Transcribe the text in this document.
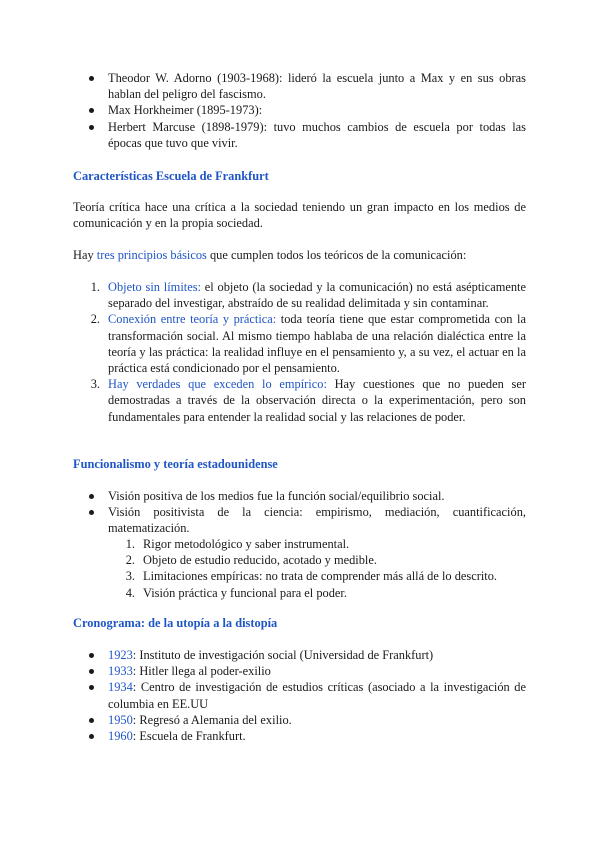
Theodor W. Adorno (1903-1968): lideró la escuela junto a Max y en sus obras hablan del peligro del fascismo.
Max Horkheimer (1895-1973):
Herbert Marcuse (1898-1979): tuvo muchos cambios de escuela por todas las épocas que tuvo que vivir.
Características Escuela de Frankfurt

Teoría crítica hace una crítica a la sociedad teniendo un gran impacto en los medios de comunicación y en la propia sociedad.

Hay tres principios básicos que cumplen todos los teóricos de la comunicación:

1. Objeto sin límites: el objeto (la sociedad y la comunicación) no está asépticamente separado del investigar, abstraído de su realidad delimitada y sin contaminar.
2. Conexión entre teoría y práctica: toda teoría tiene que estar comprometida con la transformación social. Al mismo tiempo hablaba de una relación dialéctica entre la teoría y las práctica: la realidad influye en el pensamiento y, a su vez, el actuar en la práctica está condicionado por el pensamiento.
3. Hay verdades que exceden lo empírico: Hay cuestiones que no pueden ser demostradas a través de la observación directa o la experimentación, pero son fundamentales para entender la realidad social y las relaciones de poder.
Funcionalismo y teoría estadounidense
Visión positiva de los medios fue la función social/equilibrio social.
Visión positivista de la ciencia: empirismo, mediación, cuantificación, matematización.
1. Rigor metodológico y saber instrumental.
2. Objeto de estudio reducido, acotado y medible.
3. Limitaciones empíricas: no trata de comprender más allá de lo descrito.
4. Visión práctica y funcional para el poder.
Cronograma: de la utopía a la distopía
1923: Instituto de investigación social (Universidad de Frankfurt)
1933: Hitler llega al poder-exilio
1934: Centro de investigación de estudios críticas (asociado a la investigación de columbia en EE.UU
1950: Regresó a Alemania del exilio.
1960: Escuela de Frankfurt.
